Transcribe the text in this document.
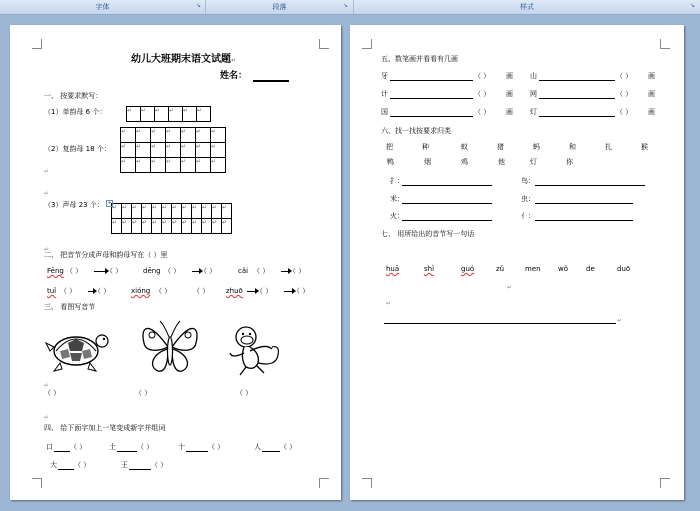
字体	↘	段落	↘	样式	↘
幼儿大班期末语文试题↵
姓名：
一、 按要求默写：
（1）单韵母 6 个：	↵	↵	↵	↵	↵	↵
↵	↵	↵	↵	↵	↵	↵
↵	↵	↵	↵	↵	↵	↵
↵	↵	↵	↵	↵	↵	↵
（2）复韵母 18 个：
↵
↵
（3）声母 23 个： ↵	↵	↵	↵	↵	↵	↵	↵	↵	↵	↵	↵
↵	↵	↵	↵	↵	↵	↵	↵	↵	↵	↵	↵
+
↵
二、 把音节分成声母和韵母写在（ ）里
Fēng （ ）	（ ）	dēng （ ）	（ ）	cǎi （ ）	（ ）
tuǐ （ ）	（ ）	xióng （ ）	（ ） zhuō （ ）	（ ）
三、 看图写音节
↵
（ ）	（ ）	（ ）
↵
四、 给下面字加上一笔变成新字并组词
口 （ ）	土	（ ）	十	（ ）	人	（ ）
大 （ ）	王	（ ）
五、数笔画并看看有几画
牙	（ ） 画 山	（ ） 画
计	（ ） 画 网	（ ） 画
国	（ ） 画 灯	（ ） 画
六、找一找按要求归类
把	种	蚁	猪	蚂	和	扎	猴
鸭	烟	鸡	他	灯	你
扌：	鸟：
米：	虫：
火：	亻：
七、 用所给出的音节写一句话
huā	shì	guó	zǔ	men wǒ	de	duō
↵
↵
↵
